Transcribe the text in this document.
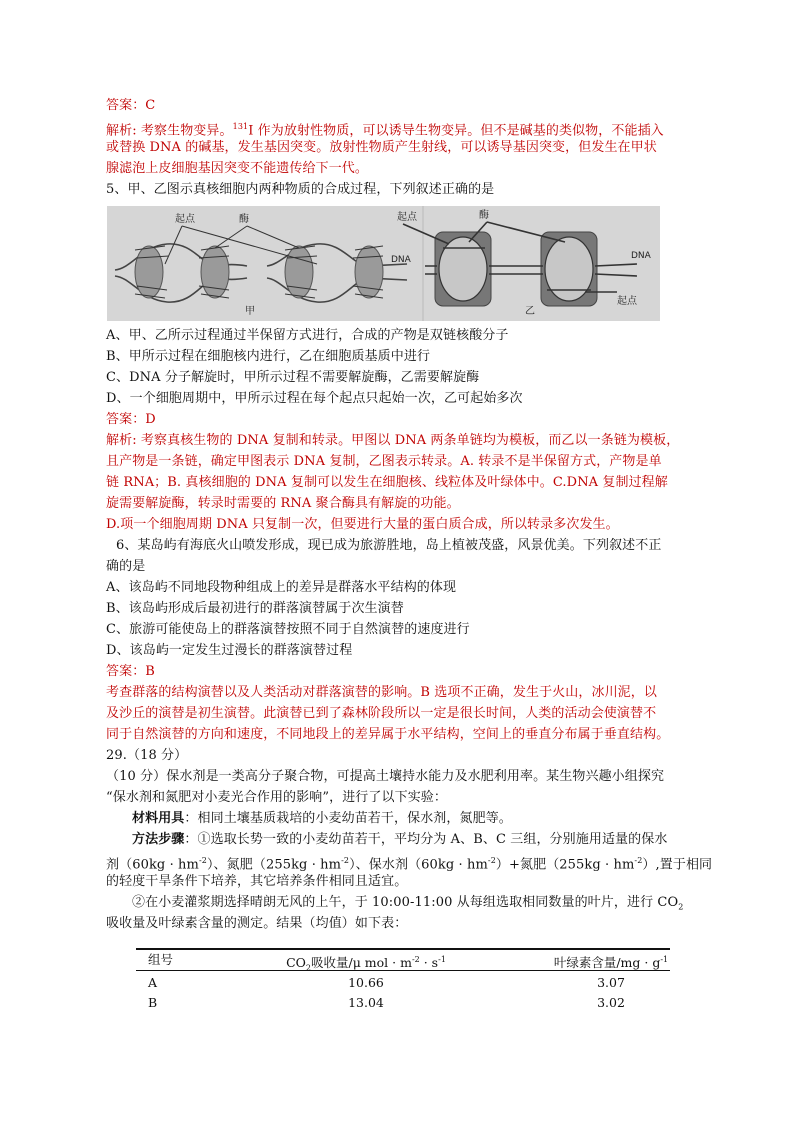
答案：C
解析: 考察生物变异。$^{131}$I 作为放射性物质，可以诱导生物变异。但不是碱基的类似物，不能插入
或替换 DNA 的碱基，发生基因突变。放射性物质产生射线，可以诱导基因突变，但发生在甲状
腺滤泡上皮细胞基因突变不能遗传给下一代。
5、甲、乙图示真核细胞内两种物质的合成过程，下列叙述正确的是
起点	酶
DNA
甲
起点	酶
DNA
起点
乙
A、甲、乙所示过程通过半保留方式进行，合成的产物是双链核酸分子
B、甲所示过程在细胞核内进行，乙在细胞质基质中进行
C、DNA 分子解旋时，甲所示过程不需要解旋酶，乙需要解旋酶
D、一个细胞周期中，甲所示过程在每个起点只起始一次，乙可起始多次
答案：D
解析: 考察真核生物的 DNA 复制和转录。甲图以 DNA 两条单链均为模板，而乙以一条链为模板，
且产物是一条链，确定甲图表示 DNA 复制，乙图表示转录。A. 转录不是半保留方式，产物是单
链 RNA；B. 真核细胞的 DNA 复制可以发生在细胞核、线粒体及叶绿体中。C.DNA 复制过程解
旋需要解旋酶，转录时需要的 RNA 聚合酶具有解旋的功能。
D.项一个细胞周期 DNA 只复制一次，但要进行大量的蛋白质合成，所以转录多次发生。
6、某岛屿有海底火山喷发形成，现已成为旅游胜地，岛上植被茂盛，风景优美。下列叙述不正
确的是
A、该岛屿不同地段物种组成上的差异是群落水平结构的体现
B、该岛屿形成后最初进行的群落演替属于次生演替
C、旅游可能使岛上的群落演替按照不同于自然演替的速度进行
D、该岛屿一定发生过漫长的群落演替过程
答案：B
考查群落的结构演替以及人类活动对群落演替的影响。B 选项不正确，发生于火山，冰川泥，以
及沙丘的演替是初生演替。此演替已到了森林阶段所以一定是很长时间，人类的活动会使演替不
同于自然演替的方向和速度，不同地段上的差异属于水平结构，空间上的垂直分布属于垂直结构。
29.（18 分）
（10 分）保水剂是一类高分子聚合物，可提高土壤持水能力及水肥利用率。某生物兴趣小组探究
“保水剂和氮肥对小麦光合作用的影响”，进行了以下实验：
材料用具：相同土壤基质栽培的小麦幼苗若干，保水剂，氮肥等。
方法步骤：①选取长势一致的小麦幼苗若干，平均分为 A、B、C 三组，分别施用适量的保水
剂$(60kg \cdot hm^{-2})$、氮肥$(255kg \cdot hm^{-2})$、保水剂$(60kg \cdot hm^{-2})+$氮肥$(255kg \cdot hm^{-2})$,置于相同
的轻度干旱条件下培养，其它培养条件相同且适宜。
②在小麦灌浆期选择晴朗无风的上午，于 10:00-11:00 从每组选取相同数量的叶片，进行 $CO_2$
吸收量及叶绿素含量的测定。结果（均值）如下表：
组号	$CO_2$吸收量/μ mol · $m^{-2} \cdot s^{-1}$	叶绿素含量$/mg \cdot g^{-1}$
A	10.66	3.07
B	13.04	3.02
